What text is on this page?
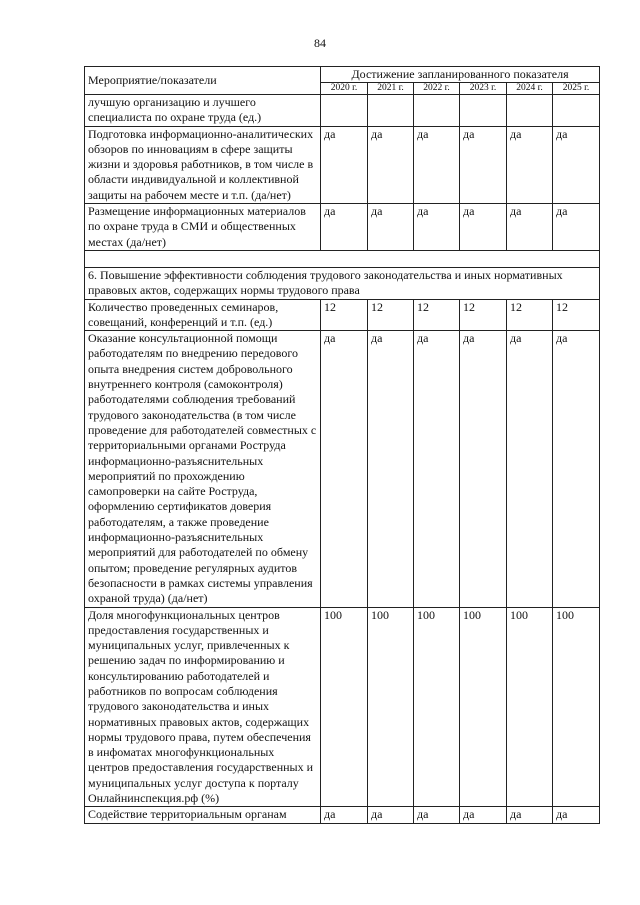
84
Мероприятие/показатели	Достижение запланированного показателя					
	2020 г.	2021 г.	2022 г.	2023 г.	2024 г.	2025 г.
лучшую организацию и лучшего специалиста по охране труда (ед.)						
Подготовка информационно-аналитических обзоров по инновациям в сфере защиты жизни и здоровья работников, в том числе в области индивидуальной и коллективной защиты на рабочем месте и т.п. (да/нет)	да	да	да	да	да	да
Размещение информационных материалов по охране труда в СМИ и общественных местах (да/нет)	да	да	да	да	да	да

6. Повышение эффективности соблюдения трудового законодательства и иных нормативных правовых актов, содержащих нормы трудового права						
Количество проведенных семинаров, совещаний, конференций и т.п. (ед.)	12	12	12	12	12	12
Оказание консультационной помощи работодателям по внедрению передового опыта внедрения систем добровольного внутреннего контроля (самоконтроля) работодателями соблюдения требований трудового законодательства (в том числе проведение для работодателей совместных с территориальными органами Роструда информационно-разъяснительных мероприятий по прохождению самопроверки на сайте Роструда, оформлению сертификатов доверия работодателям, а также проведение информационно-разъяснительных мероприятий для работодателей по обмену опытом; проведение регулярных аудитов безопасности в рамках системы управления охраной труда) (да/нет)	да	да	да	да	да	да
Доля многофункциональных центров предоставления государственных и муниципальных услуг, привлеченных к решению задач по информированию и консультированию работодателей и работников по вопросам соблюдения трудового законодательства и иных нормативных правовых актов, содержащих нормы трудового права, путем обеспечения в инфоматах многофункциональных центров предоставления государственных и муниципальных услуг доступа к порталу Онлайнинспекция.рф (%)	100	100	100	100	100	100
Содействие территориальным органам	да	да	да	да	да	да
